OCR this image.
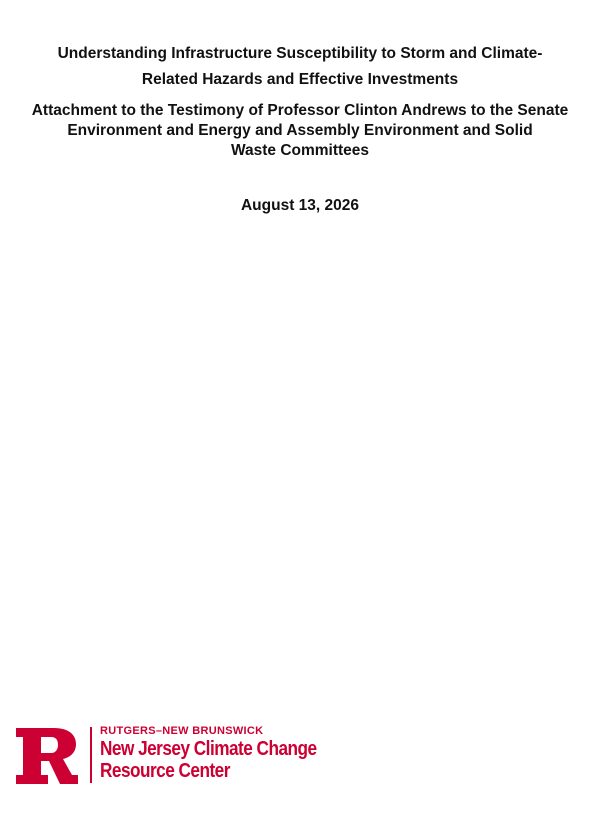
Understanding Infrastructure Susceptibility to Storm and Climate-
Related Hazards and Effective Investments
Attachment to the Testimony of Professor Clinton Andrews to the Senate
Environment and Energy and Assembly Environment and Solid
Waste Committees
August 13, 2026
RUTGERS–NEW BRUNSWICK
New Jersey Climate Change
Resource Center
